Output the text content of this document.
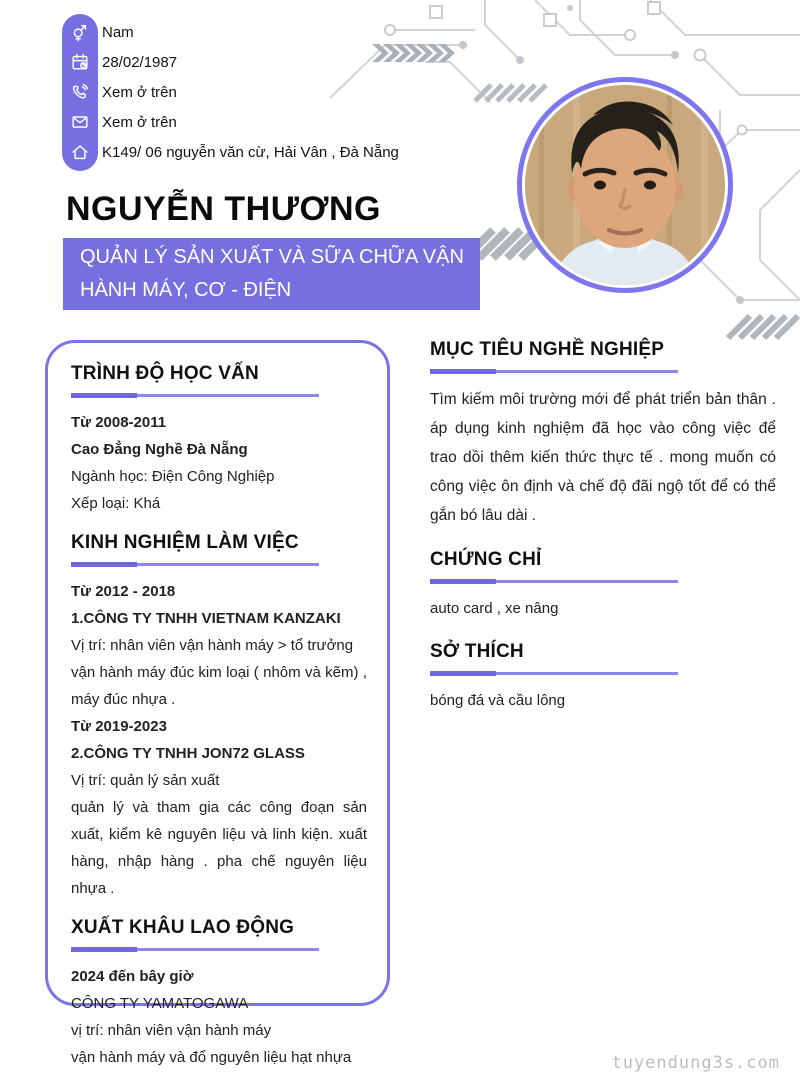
Nam
28/02/1987
Xem ở trên
Xem ở trên
K149/ 06 nguyễn văn cừ, Hải Vân , Đà Nẵng
NGUYỄN THƯƠNG
QUẢN LÝ SẢN XUẤT VÀ SỮA CHỮA VẬN
HÀNH MÁY, CƠ - ĐIỆN
TRÌNH ĐỘ HỌC VẤN

Từ 2008-2011

Cao Đẳng Nghề Đà Nẵng

Ngành học: Điện Công Nghiệp

Xếp loại: Khá

KINH NGHIỆM LÀM VIỆC

Từ 2012 - 2018

1.CÔNG TY TNHH VIETNAM KANZAKI

Vị trí: nhân viên vận hành máy > tổ trưởng

vận hành máy đúc kim loại ( nhôm và kẽm) , máy đúc nhựa .

Từ 2019-2023

2.CÔNG TY TNHH JON72 GLASS

Vị trí: quản lý sản xuất

quản lý và tham gia các công đoạn sản xuất, kiểm kê nguyên liệu và linh kiện. xuất hàng, nhập hàng . pha chế nguyên liệu nhựa .

XUẤT KHÂU LAO ĐỘNG

2024 đến bây giờ

CÔNG TY YAMATOGAWA

vị trí: nhân viên vận hành máy

vận hành máy và đổ nguyên liệu hạt nhựa

MỤC TIÊU NGHỀ NGHIỆP

Tìm kiếm môi trường mới để phát triển bản thân . áp dụng kinh nghiệm đã học vào công việc để trao dồi thêm kiến thức thực tế . mong muốn có công việc ôn định và chế độ đãi ngộ tốt để có thể gắn bó lâu dài .

CHỨNG CHỈ

auto card , xe nâng

SỞ THÍCH

bóng đá và cầu lông

tuyendung3s.com
